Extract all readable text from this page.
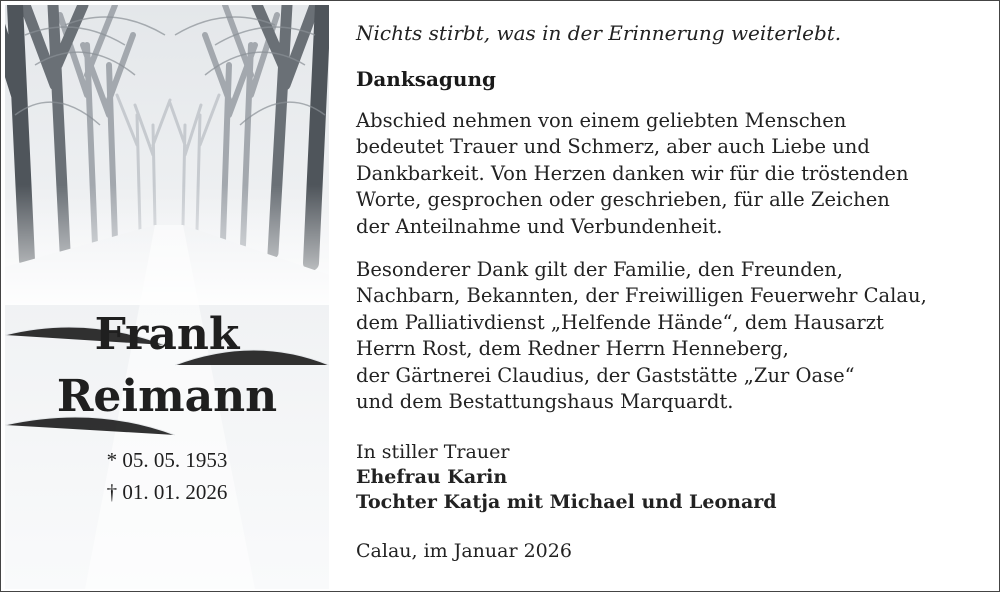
Frank
Reimann
* 05. 05. 1953
† 01. 01. 2026
Nichts stirbt, was in der Erinnerung weiterlebt.
Danksagung
Abschied nehmen von einem geliebten Menschen
bedeutet Trauer und Schmerz, aber auch Liebe und
Dankbarkeit. Von Herzen danken wir für die tröstenden
Worte, gesprochen oder geschrieben, für alle Zeichen
der Anteilnahme und Verbundenheit.
Besonderer Dank gilt der Familie, den Freunden,
Nachbarn, Bekannten, der Freiwilligen Feuerwehr Calau,
dem Palliativdienst „Helfende Hände“, dem Hausarzt
Herrn Rost, dem Redner Herrn Henneberg,
der Gärtnerei Claudius, der Gaststätte „Zur Oase“
und dem Bestattungshaus Marquardt.
In stiller Trauer
Ehefrau Karin
Tochter Katja mit Michael und Leonard
Calau, im Januar 2026
